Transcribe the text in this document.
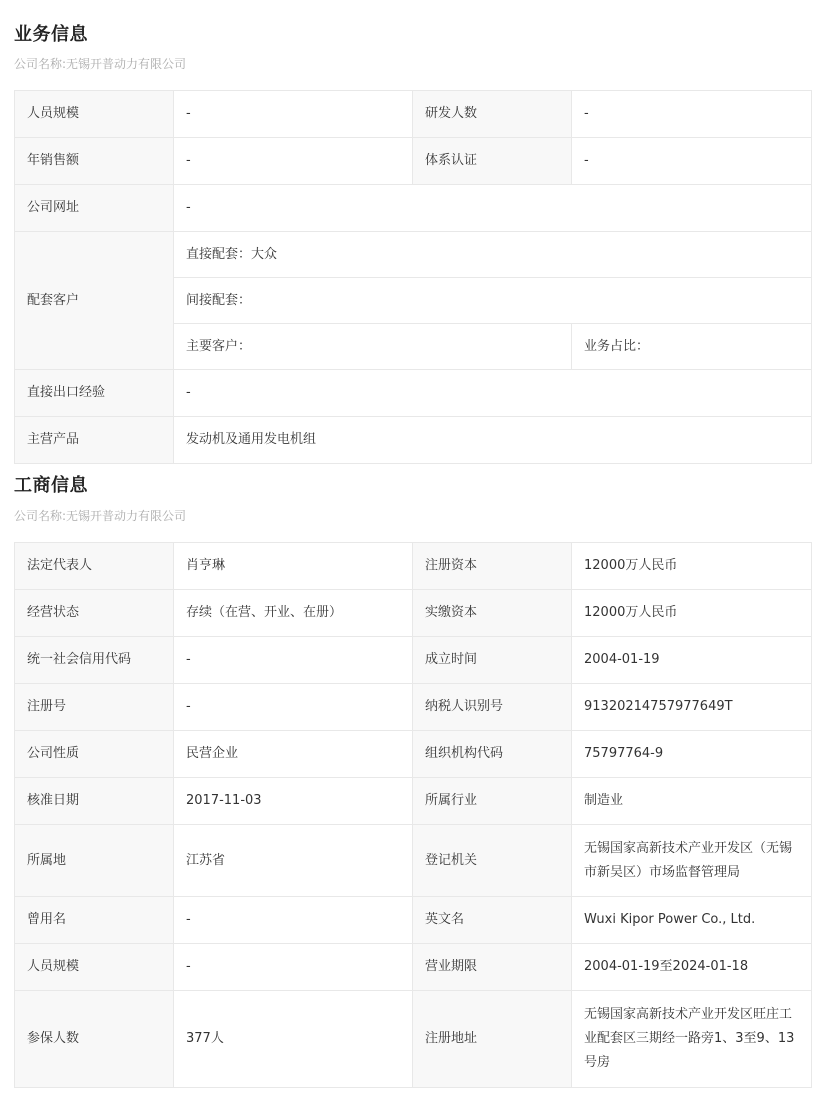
业务信息
公司名称:无锡开普动力有限公司
人员规模	-	研发人数	-
年销售额	-	体系认证	-
公司网址	-		
配套客户	直接配套：大众		
	间接配套：		
	主要客户：		业务占比：
直接出口经验	-		
主营产品	发动机及通用发电机组		
工商信息
公司名称:无锡开普动力有限公司
法定代表人	肖亨琳	注册资本	12000万人民币
经营状态	存续（在营、开业、在册）	实缴资本	12000万人民币
统一社会信用代码	-	成立时间	2004-01-19
注册号	-	纳税人识别号	91320214757977649T
公司性质	民营企业	组织机构代码	75797764-9
核准日期	2017-11-03	所属行业	制造业
所属地	江苏省	登记机关	无锡国家高新技术产业开发区（无锡市新吴区）市场监督管理局
曾用名	-	英文名	Wuxi Kipor Power Co., Ltd.
人员规模	-	营业期限	2004-01-19至2024-01-18
参保人数	377人	注册地址	无锡国家高新技术产业开发区旺庄工业配套区三期经一路旁1、3至9、13号房
